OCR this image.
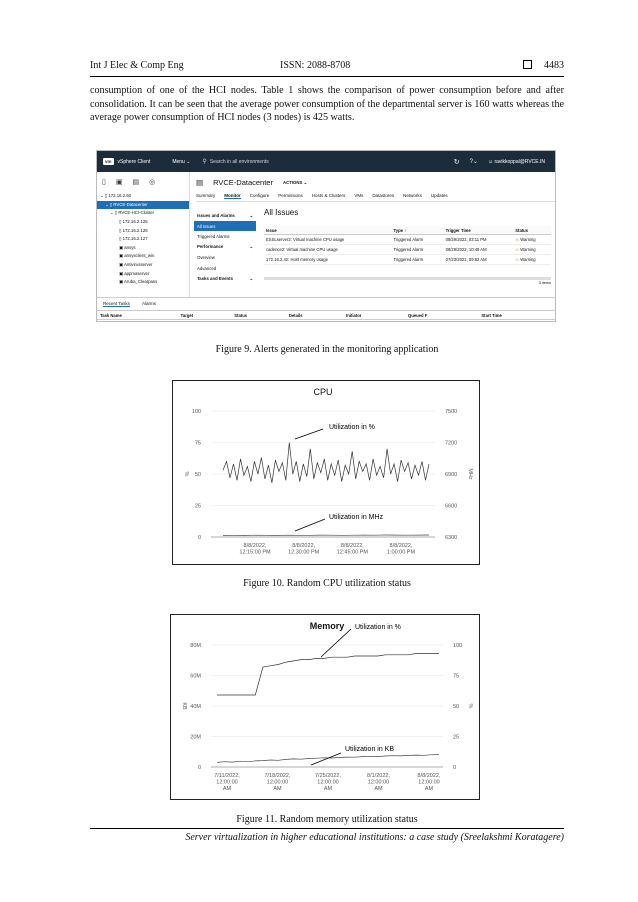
Int J Elec & Comp Eng	ISSN: 2088-8708	4483

consumption of one of the HCI nodes. Table 1 shows the comparison of power consumption before and after consolidation. It can be seen that the average power consumption of the departmental server is 160 watts whereas the average power consumption of HCI nodes (3 nodes) is 425 watts.

vm	vSphere Client	Menu ⌄ ⚲ Search in all environments	↻ ?⌄ ☺ ravikkoppal@RVCE.IN
▯ ▣ ▤ ◎
⌄ ▯ 172.16.2.60
⌄ ▯ RVCE-Datacenter
⌄ ▯ RVCE-HCI-Cluster
▯ 172.16.2.125
▯ 172.16.2.126
▯ 172.16.2.127
▣ ansys
▣ ansysclient_win
▣ Antivirusserver
▣ appmaserver
▣ Aruba_Clearpass
▤ RVCE-Datacenter ACTIONS ⌄
Summary Monitor Configure Permissions Hosts & Clusters VMs Datastores Networks Updates
Issues and Alarms	⌄
All Issues
Triggered Alarms
Performance	⌄
Overview
Advanced
Tasks and Events	⌄
All Issues
Issue	Type ↑	Trigger Time	Status
ESSLserver2: Virtual machine CPU usage	Triggered Alarm	08/29/2022, 03:11 PM	⚠ Warning
cadence2: Virtual machine CPU usage	Triggered Alarm	08/29/2022, 10:49 AM	⚠ Warning
172.16.2.42: Host memory usage	Triggered Alarm	07/23/2022, 09:52 AM	⚠ Warning
3 items
Recent Tasks	Alarms
Task Name	Target	Status	Details	Initiator	Queued F	Start Time
Figure 9. Alerts generated in the monitoring application
CPU
100	7500
75	7200
50	6900
25	6600
0	6300
%	MHz
8/8/2022, 12:15:00 PM
8/8/2022, 12:30:00 PM
8/8/2022, 12:45:00 PM
8/8/2022, 1:00:00 PM
Utilization in %
Utilization in MHz
Figure 10. Random CPU utilization status
Memory
80M	100
60M	75
40M	50
20M	25
0	0
KB	%
7/11/2022, 12:00:00 AM
7/18/2022, 12:00:00 AM
7/25/2022, 12:00:00 AM
8/1/2022, 12:00:00 AM
8/8/2022, 12:00:00 AM
Utilization in %
Utilization in KB
Figure 11. Random memory utilization status
Server virtualization in higher educational institutions: a case study (Sreelakshmi Koratagere)
